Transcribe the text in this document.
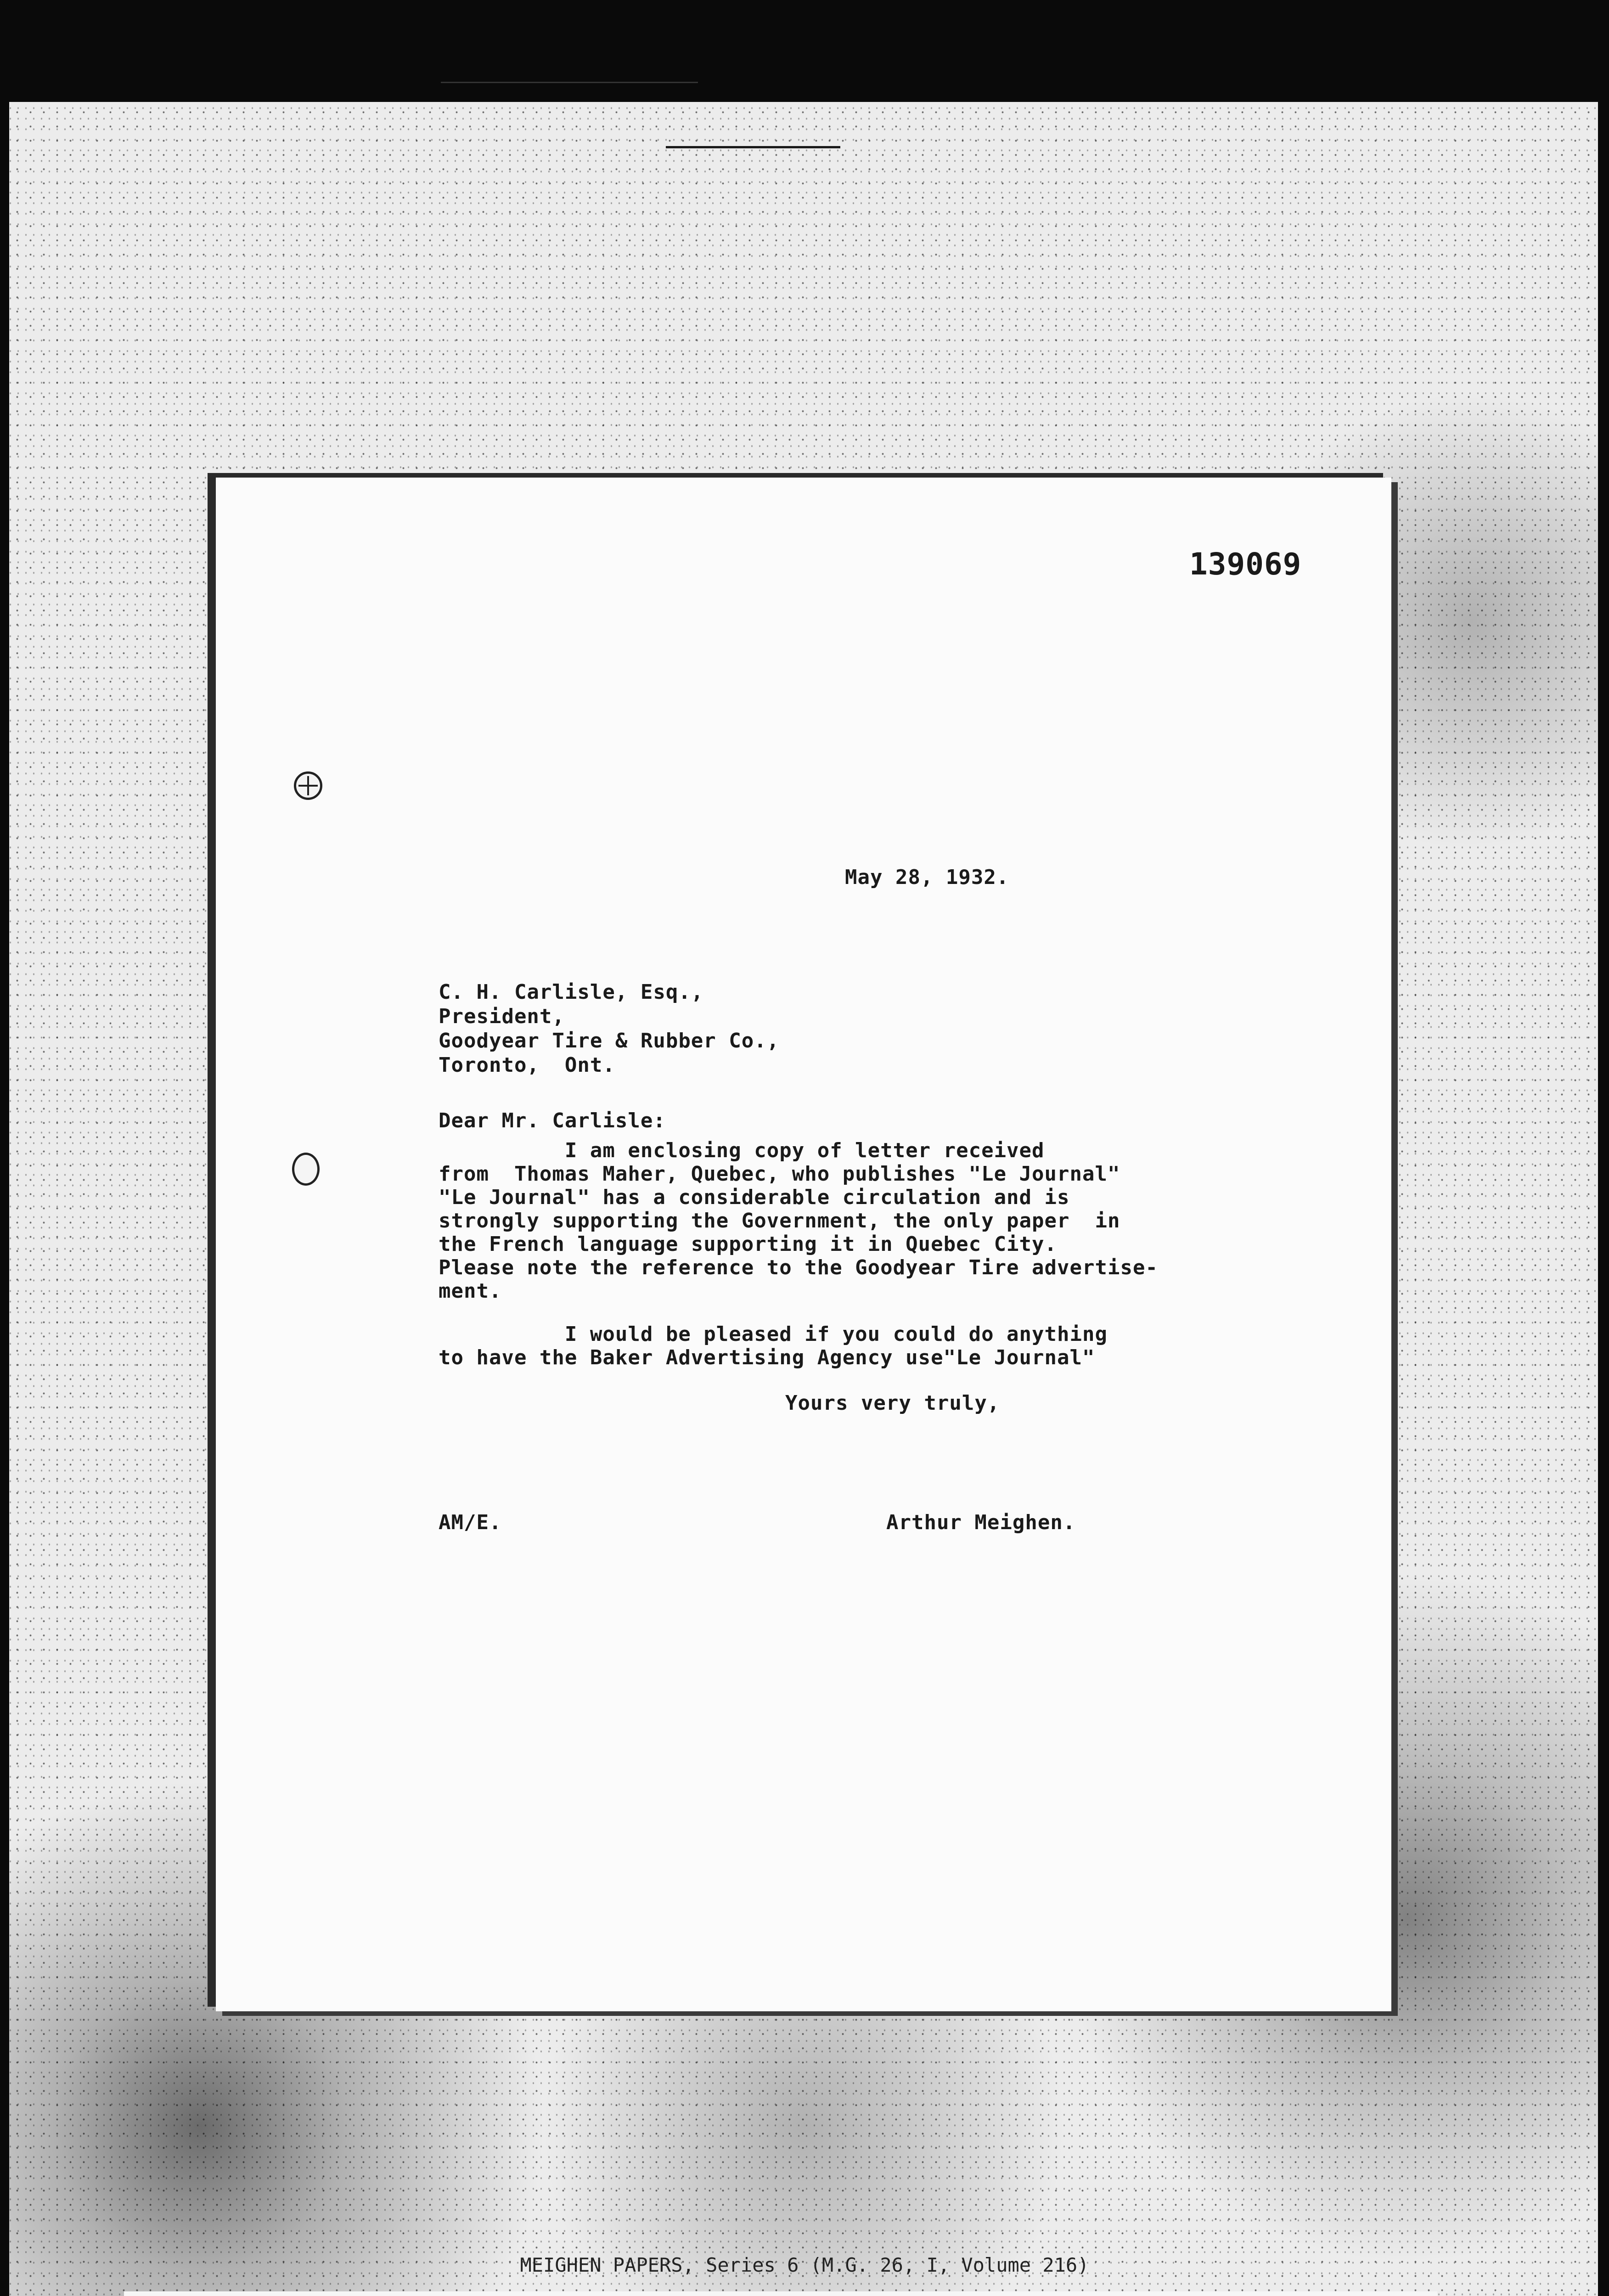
139069
May 28, 1932.
C. H. Carlisle, Esq.,
President,
Goodyear Tire & Rubber Co.,
Toronto,  Ont.
Dear Mr. Carlisle:
I am enclosing copy of letter received
from  Thomas Maher, Quebec, who publishes "Le Journal"
"Le Journal" has a considerable circulation and is
strongly supporting the Government, the only paper  in
the French language supporting it in Quebec City.
Please note the reference to the Goodyear Tire advertise-
ment.
I would be pleased if you could do anything
to have the Baker Advertising Agency use"Le Journal"
Yours very truly,
AM/E.	Arthur Meighen.
MEIGHEN PAPERS, Series 6 (M.G. 26, I, Volume 216)
